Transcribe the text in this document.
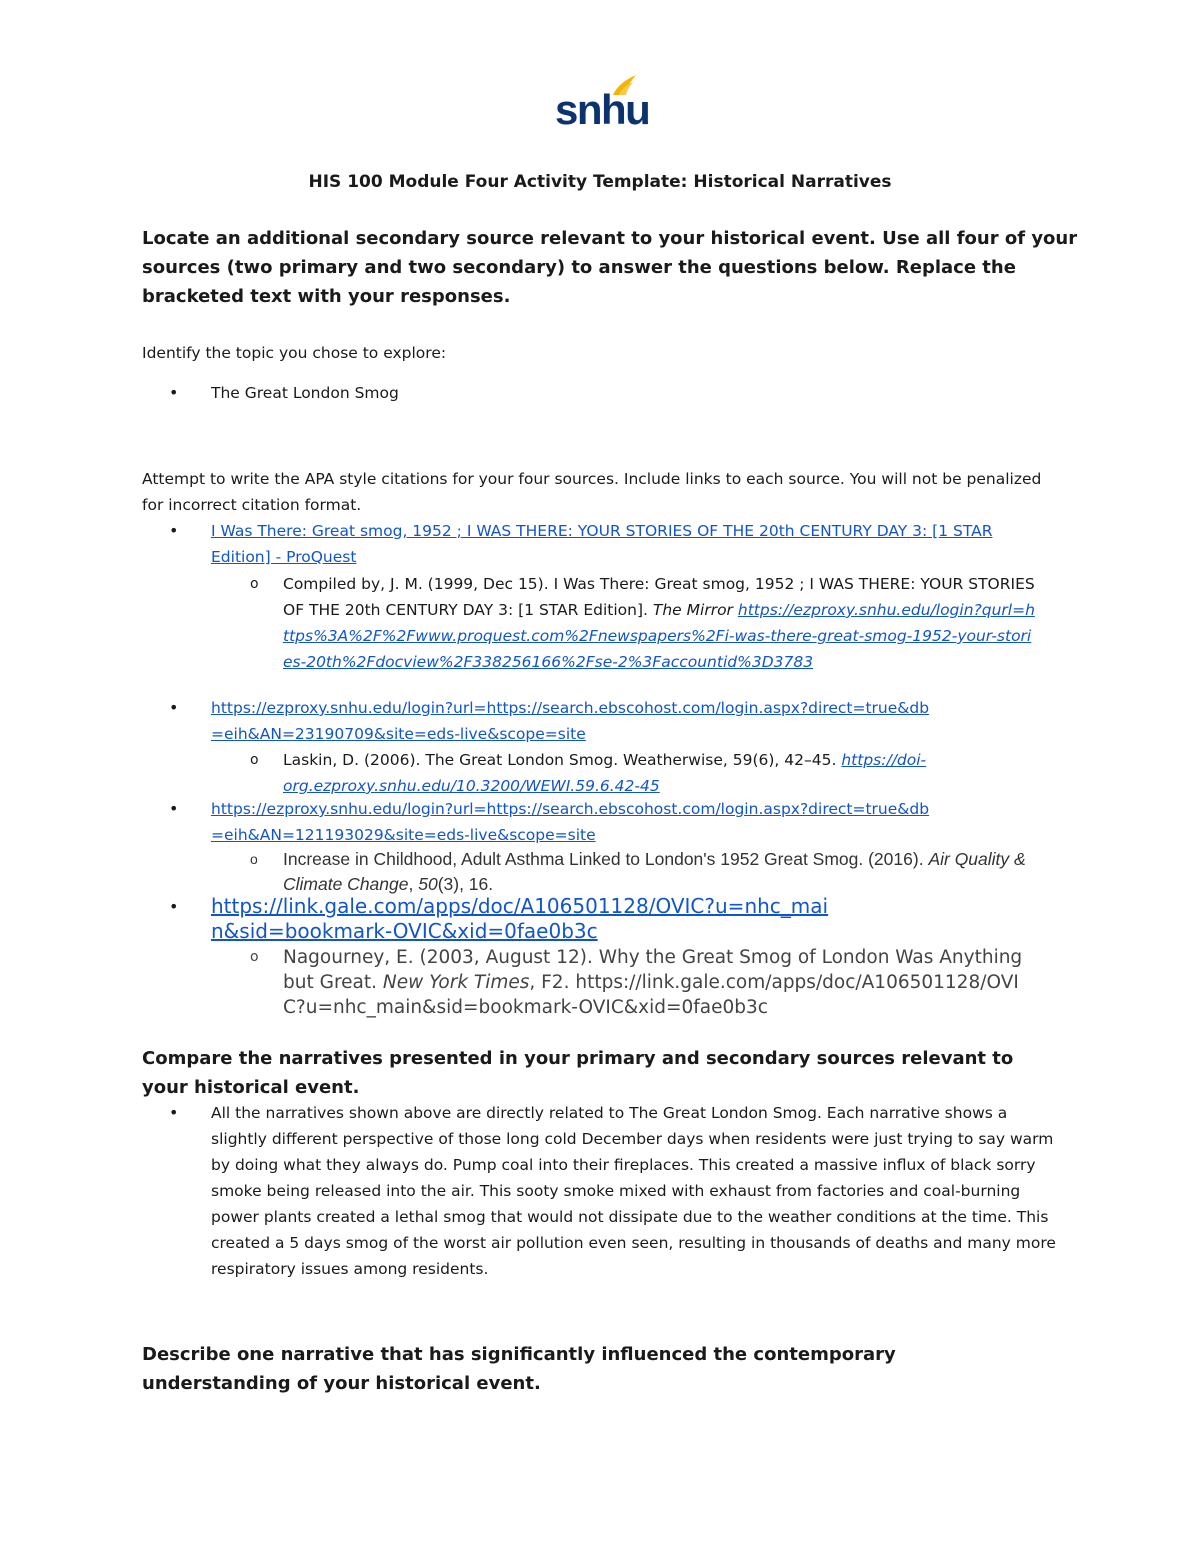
snhu
HIS 100 Module Four Activity Template: Historical Narratives
Locate an additional secondary source relevant to your historical event. Use all four of your sources (two primary and two secondary) to answer the questions below. Replace the bracketed text with your responses.
Identify the topic you chose to explore:
• The Great London Smog
Attempt to write the APA style citations for your four sources. Include links to each source. You will not be penalized for incorrect citation format.
• I Was There: Great smog, 1952 ; I WAS THERE: YOUR STORIES OF THE 20th CENTURY DAY 3: [1 STAR Edition] - ProQuest
o Compiled by, J. M. (1999, Dec 15). I Was There: Great smog, 1952 ; I WAS THERE: YOUR STORIES OF THE 20th CENTURY DAY 3: [1 STAR Edition]. The Mirror https://ezproxy.snhu.edu/login?qurl=https%3A%2F%2Fwww.proquest.com%2Fnewspapers%2Fi-was-there-great-smog-1952-your-stories-20th%2Fdocview%2F338256166%2Fse-2%3Faccountid%3D3783
• https://ezproxy.snhu.edu/login?url=https://search.ebscohost.com/login.aspx?direct=true&db=eih&AN=23190709&site=eds-live&scope=site
o Laskin, D. (2006). The Great London Smog. Weatherwise, 59(6), 42–45. https://doi-org.ezproxy.snhu.edu/10.3200/WEWI.59.6.42-45
• https://ezproxy.snhu.edu/login?url=https://search.ebscohost.com/login.aspx?direct=true&db=eih&AN=121193029&site=eds-live&scope=site
o Increase in Childhood, Adult Asthma Linked to London's 1952 Great Smog. (2016). Air Quality & Climate Change, 50(3), 16.
• https://link.gale.com/apps/doc/A106501128/OVIC?u=nhc_main&sid=bookmark-OVIC&xid=0fae0b3c
o Nagourney, E. (2003, August 12). Why the Great Smog of London Was Anything but Great. New York Times, F2. https://link.gale.com/apps/doc/A106501128/OVIC?u=nhc_main&sid=bookmark-OVIC&xid=0fae0b3c
Compare the narratives presented in your primary and secondary sources relevant to your historical event.
• All the narratives shown above are directly related to The Great London Smog. Each narrative shows a slightly different perspective of those long cold December days when residents were just trying to say warm by doing what they always do. Pump coal into their fireplaces. This created a massive influx of black sorry smoke being released into the air. This sooty smoke mixed with exhaust from factories and coal-burning power plants created a lethal smog that would not dissipate due to the weather conditions at the time. This created a 5 days smog of the worst air pollution even seen, resulting in thousands of deaths and many more respiratory issues among residents.
Describe one narrative that has significantly influenced the contemporary understanding of your historical event.
